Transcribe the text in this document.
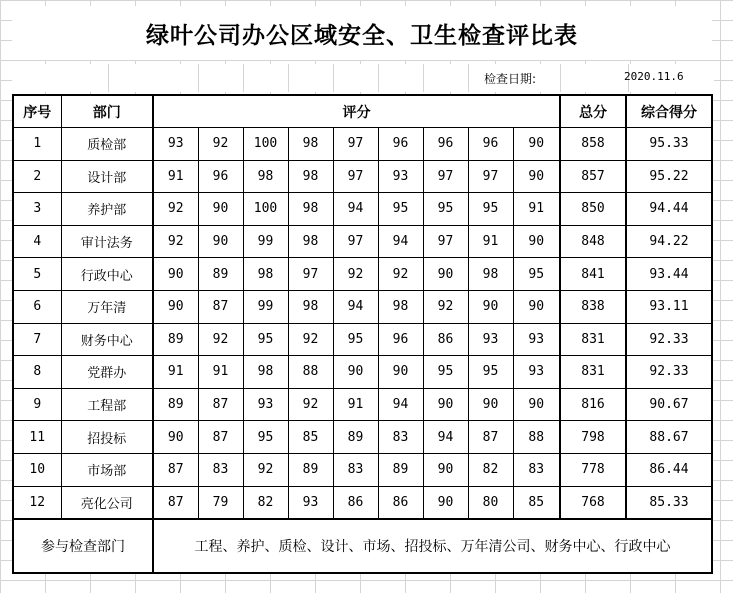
绿叶公司办公区域安全、卫生检查评比表
检查日期:	2020.11.6
序号	部门	评分									总分	综合得分
1	质检部	93	92	100	98	97	96	96	96	90	858	95.33
2	设计部	91	96	98	98	97	93	97	97	90	857	95.22
3	养护部	92	90	100	98	94	95	95	95	91	850	94.44
4	审计法务	92	90	99	98	97	94	97	91	90	848	94.22
5	行政中心	90	89	98	97	92	92	90	98	95	841	93.44
6	万年清	90	87	99	98	94	98	92	90	90	838	93.11
7	财务中心	89	92	95	92	95	96	86	93	93	831	92.33
8	党群办	91	91	98	88	90	90	95	95	93	831	92.33
9	工程部	89	87	93	92	91	94	90	90	90	816	90.67
11	招投标	90	87	95	85	89	83	94	87	88	798	88.67
10	市场部	87	83	92	89	83	89	90	82	83	778	86.44
12	亮化公司	87	79	82	93	86	86	90	80	85	768	85.33
参与检查部门		工程、养护、质检、设计、市场、招投标、万年清公司、财务中心、行政中心										
